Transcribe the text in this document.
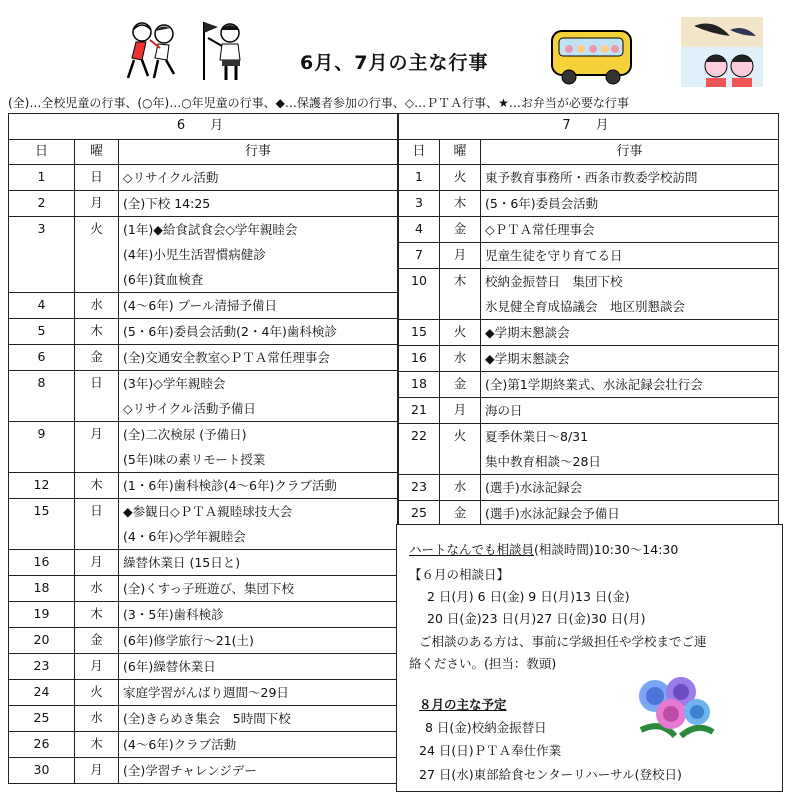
6月、7月の主な行事
(全)…全校児童の行事、(○年)…○年児童の行事、◆…保護者参加の行事、◇…ＰＴＡ行事、★…お弁当が必要な行事
6　月		
日	曜	行事
1	日	◇リサイクル活動

2	月	(全)下校 14:25

3	火	(1年)◆給食試食会◇学年親睦会
(4年)小児生活習慣病健診
(6年)貧血検査

4	水	(4～6年) プール清掃予備日

5	木	(5・6年)委員会活動(2・4年)歯科検診

6	金	(全)交通安全教室◇ＰＴＡ常任理事会

8	日	(3年)◇学年親睦会
◇リサイクル活動予備日

9	月	(全)二次検尿 (予備日)
(5年)味の素リモート授業

12	木	(1・6年)歯科検診(4～6年)クラブ活動

15	日	◆参観日◇ＰＴＡ親睦球技大会
(4・6年)◇学年親睦会

16	月	繰替休業日 (15日と)

18	水	(全)くすっ子班遊び、集団下校

19	木	(3・5年)歯科検診

20	金	(6年)修学旅行～21(土)

23	月	(6年)繰替休業日

24	火	家庭学習がんばり週間～29日

25	水	(全)きらめき集会　5時間下校

26	木	(4～6年)クラブ活動

30	月	(全)学習チャレンジデー
7　月		
日	曜	行事
1	火	東予教育事務所・西条市教委学校訪問

3	木	(5・6年)委員会活動

4	金	◇ＰＴＡ常任理事会

7	月	児童生徒を守り育てる日

10	木	校納金振替日　集団下校
氷見健全育成協議会　地区別懇談会

15	火	◆学期末懇談会

16	水	◆学期末懇談会

18	金	(全)第1学期終業式、水泳記録会壮行会

21	月	海の日

22	火	夏季休業日～8/31
集中教育相談～28日

23	水	(選手)水泳記録会

25	金	(選手)水泳記録会予備日
ハートなんでも相談員(相談時間)10:30～14:30
【６月の相談日】
2 日(月) 6 日(金) 9 日(月)13 日(金)
20 日(金)23 日(月)27 日(金)30 日(月)
ご相談のある方は、事前に学級担任や学校までご連
絡ください。(担当：教頭)
８月の主な予定
8 日(金)校納金振替日
24 日(日)ＰＴＡ奉仕作業
27 日(水)東部給食センターリハーサル(登校日)
